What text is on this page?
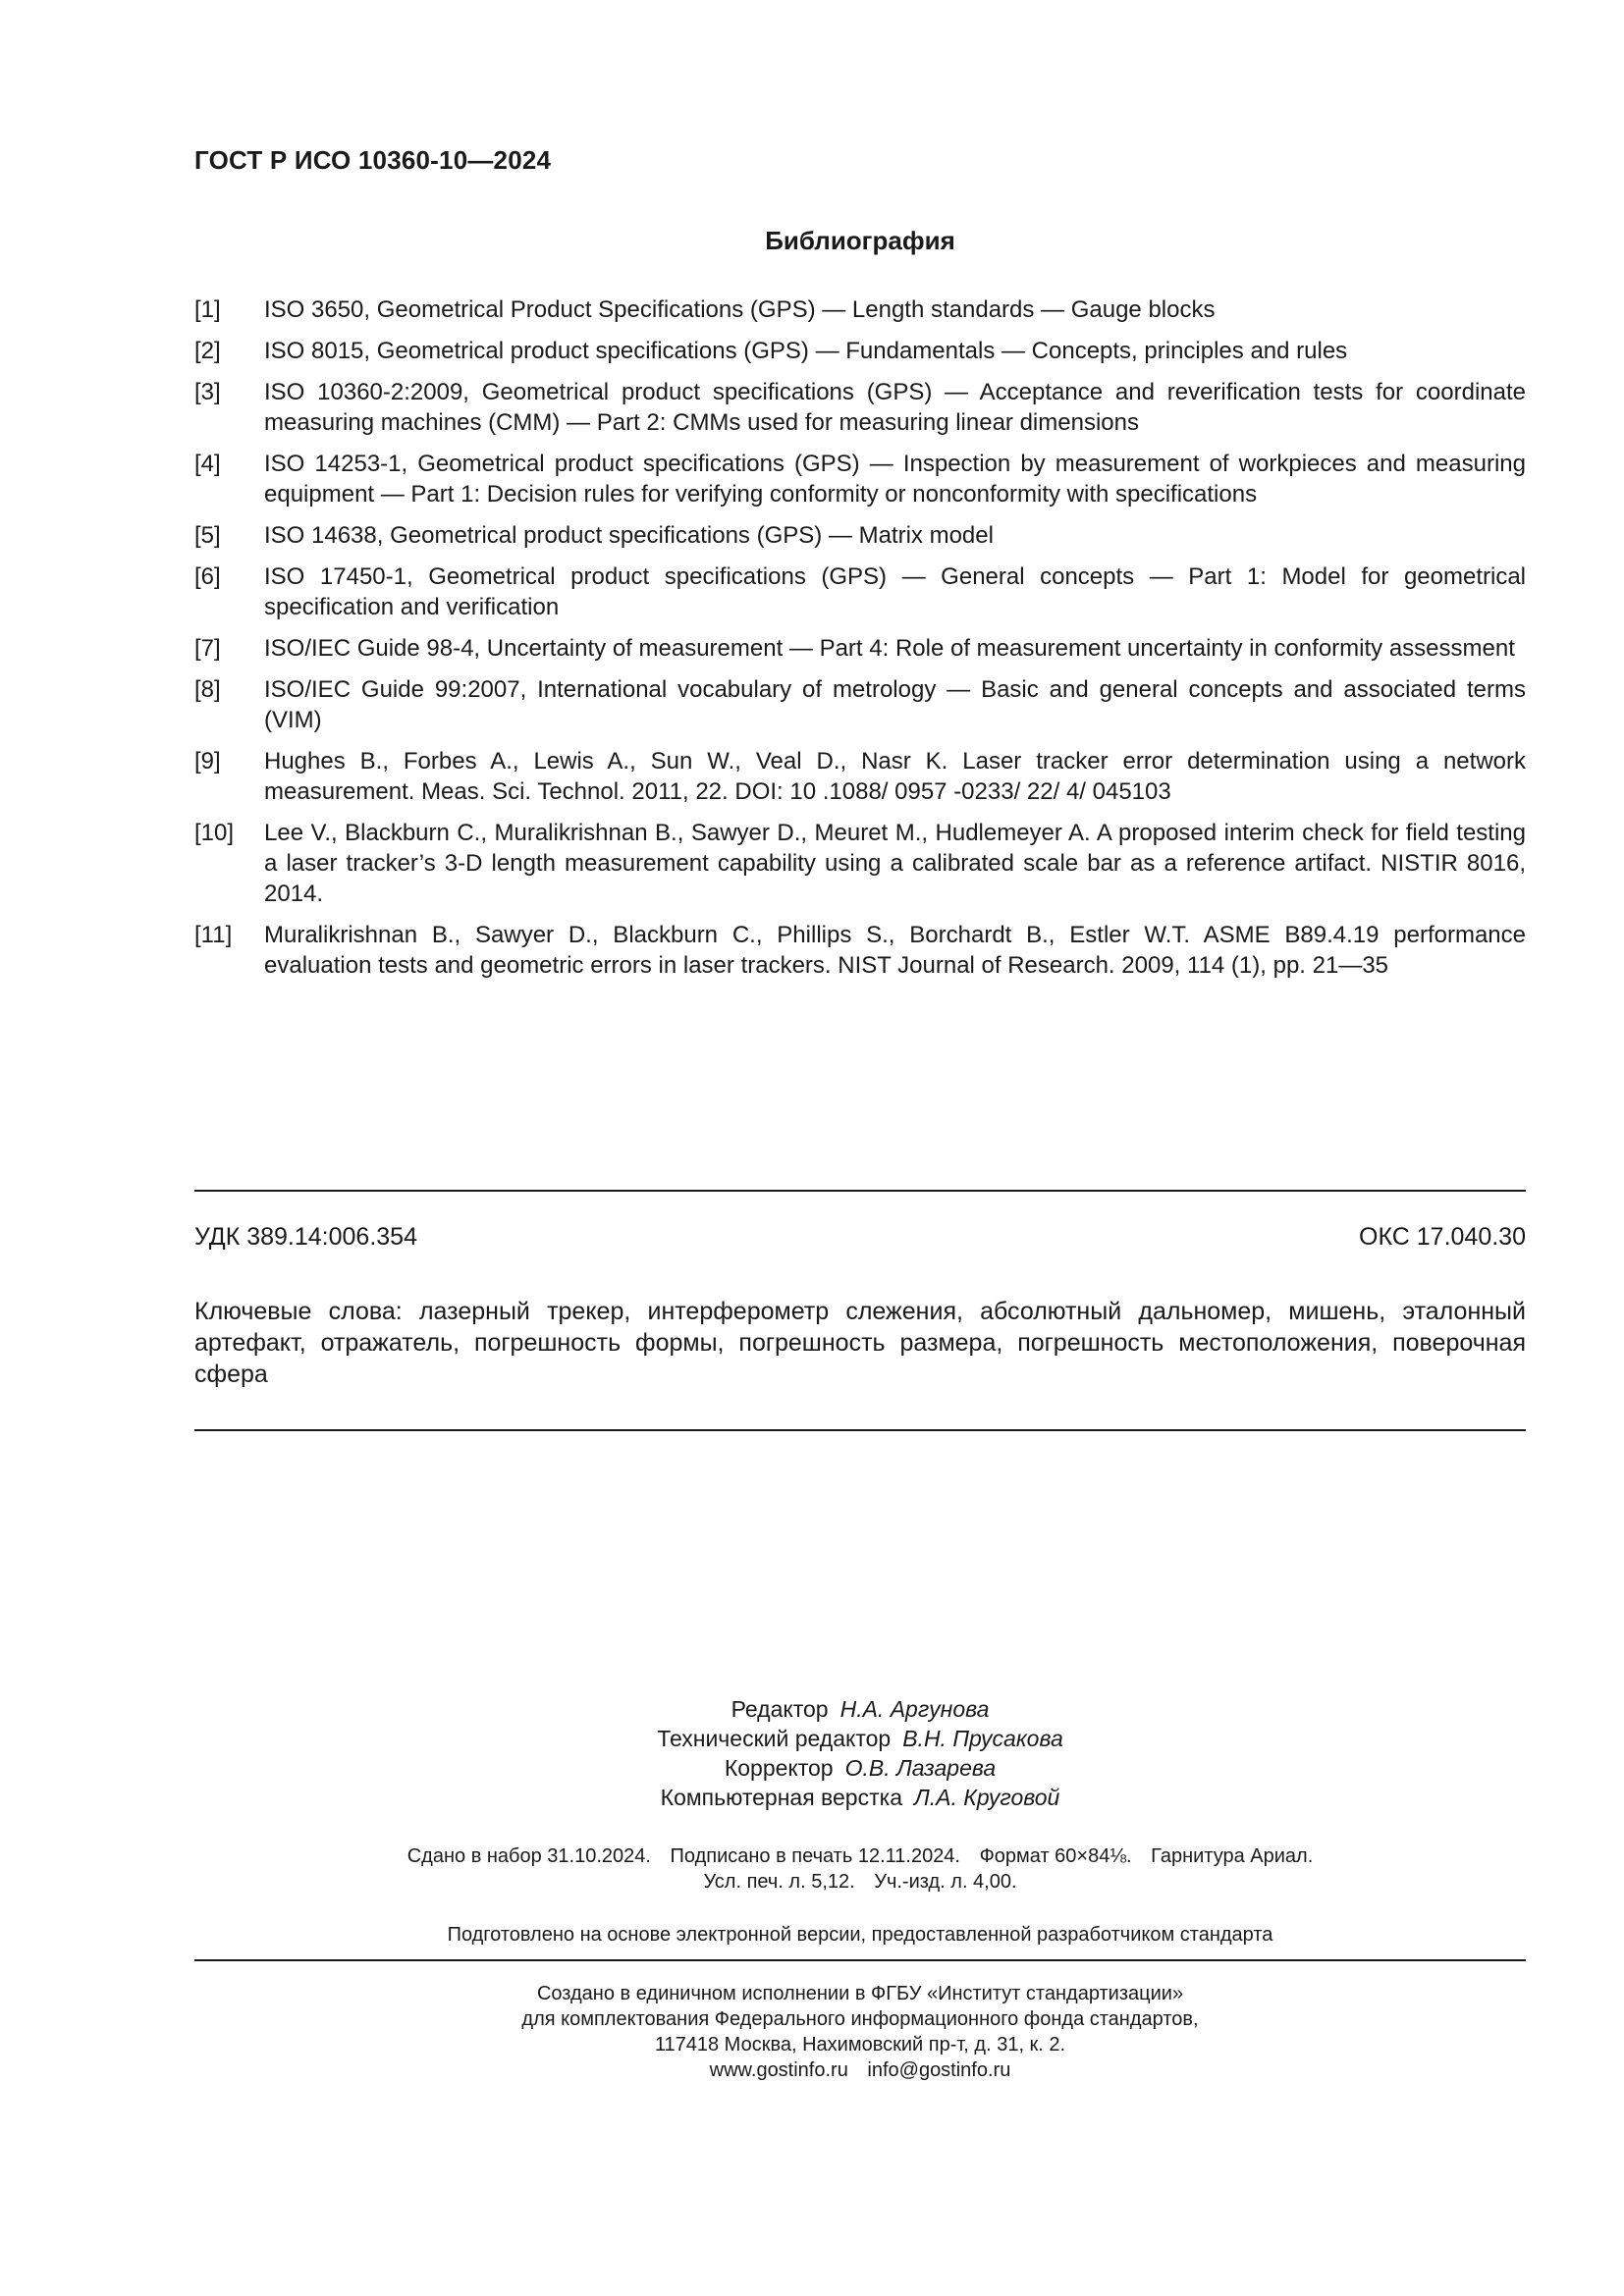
ГОСТ Р ИСО 10360-10—2024
Библиография
[1]	ISO 3650, Geometrical Product Specifications (GPS) — Length standards — Gauge blocks
[2]	ISO 8015, Geometrical product specifications (GPS) — Fundamentals — Concepts, principles and rules
[3]	ISO 10360-2:2009, Geometrical product specifications (GPS) — Acceptance and reverification tests for coordinate measuring machines (CMM) — Part 2: CMMs used for measuring linear dimensions
[4]	ISO 14253-1, Geometrical product specifications (GPS) — Inspection by measurement of workpieces and measuring equipment — Part 1: Decision rules for verifying conformity or nonconformity with specifications
[5]	ISO 14638, Geometrical product specifications (GPS) — Matrix model
[6]	ISO 17450-1, Geometrical product specifications (GPS) — General concepts — Part 1: Model for geometrical specification and verification
[7]	ISO/IEC Guide 98-4, Uncertainty of measurement — Part 4: Role of measurement uncertainty in conformity assessment
[8]	ISO/IEC Guide 99:2007, International vocabulary of metrology — Basic and general concepts and associated terms (VIM)
[9]	Hughes B., Forbes A., Lewis A., Sun W., Veal D., Nasr K. Laser tracker error determination using a network measurement. Meas. Sci. Technol. 2011, 22. DOI: 10 .1088/ 0957 -0233/ 22/ 4/ 045103
[10]	Lee V., Blackburn C., Muralikrishnan B., Sawyer D., Meuret M., Hudlemeyer A. A proposed interim check for field testing a laser tracker’s 3-D length measurement capability using a calibrated scale bar as a reference artifact. NISTIR 8016, 2014.
[11]	Muralikrishnan B., Sawyer D., Blackburn C., Phillips S., Borchardt B., Estler W.T. ASME B89.4.19 performance evaluation tests and geometric errors in laser trackers. NIST Journal of Research. 2009, 114 (1), pp. 21—35
УДК 389.14:006.354	ОКС 17.040.30
Ключевые слова: лазерный трекер, интерферометр слежения, абсолютный дальномер, мишень, эталонный артефакт, отражатель, погрешность формы, погрешность размера, погрешность местоположения, поверочная сфера
Редактор Н.А. Аргунова
Технический редактор В.Н. Прусакова
Корректор О.В. Лазарева
Компьютерная верстка Л.А. Круговой
Сдано в набор 31.10.2024. Подписано в печать 12.11.2024. Формат 60×84⅛. Гарнитура Ариал.
Усл. печ. л. 5,12. Уч.-изд. л. 4,00.
Подготовлено на основе электронной версии, предоставленной разработчиком стандарта
Создано в единичном исполнении в ФГБУ «Институт стандартизации»
для комплектования Федерального информационного фонда стандартов,
117418 Москва, Нахимовский пр-т, д. 31, к. 2.
www.gostinfo.ru info@gostinfo.ru
